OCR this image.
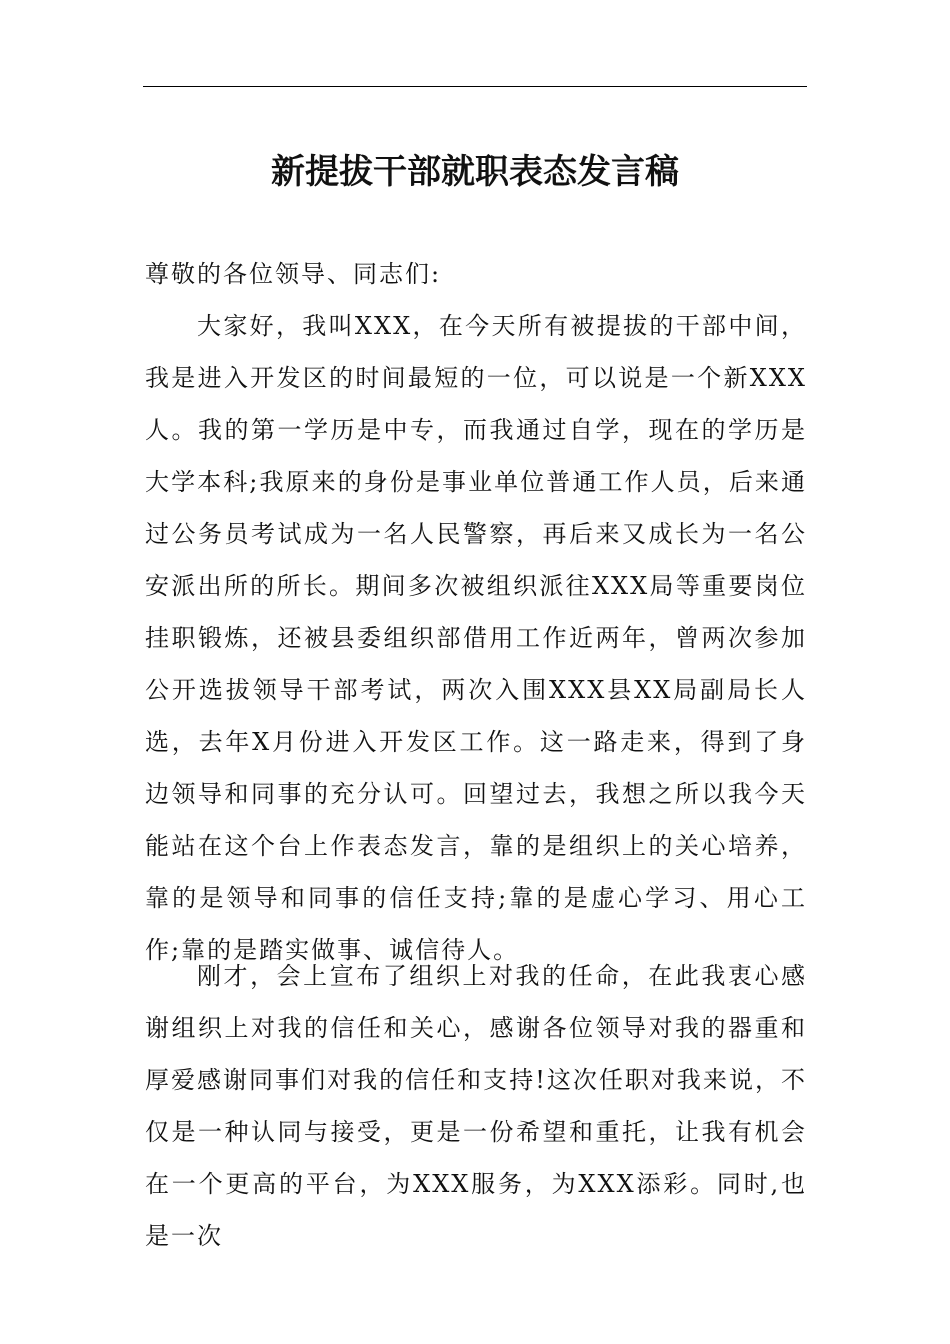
新提拔干部就职表态发言稿

尊敬的各位领导、同志们:

大家好，我叫XXX，在今天所有被提拔的干部中间，我是进入开发区的时间最短的一位，可以说是一个新XXX人。我的第一学历是中专，而我通过自学，现在的学历是大学本科;我原来的身份是事业单位普通工作人员，后来通过公务员考试成为一名人民警察，再后来又成长为一名公安派出所的所长。期间多次被组织派往XXX局等重要岗位挂职锻炼，还被县委组织部借用工作近两年，曾两次参加公开选拔领导干部考试，两次入围XXX县XX局副局长人选，去年X月份进入开发区工作。这一路走来，得到了身边领导和同事的充分认可。回望过去，我想之所以我今天能站在这个台上作表态发言，靠的是组织上的关心培养，靠的是领导和同事的信任支持;靠的是虚心学习、用心工作;靠的是踏实做事、诚信待人。

刚才，会上宣布了组织上对我的任命，在此我衷心感谢组织上对我的信任和关心，感谢各位领导对我的器重和厚爱感谢同事们对我的信任和支持!这次任职对我来说，不仅是一种认同与接受，更是一份希望和重托，让我有机会在一个更高的平台，为XXX服务，为XXX添彩。同时,也是一次
